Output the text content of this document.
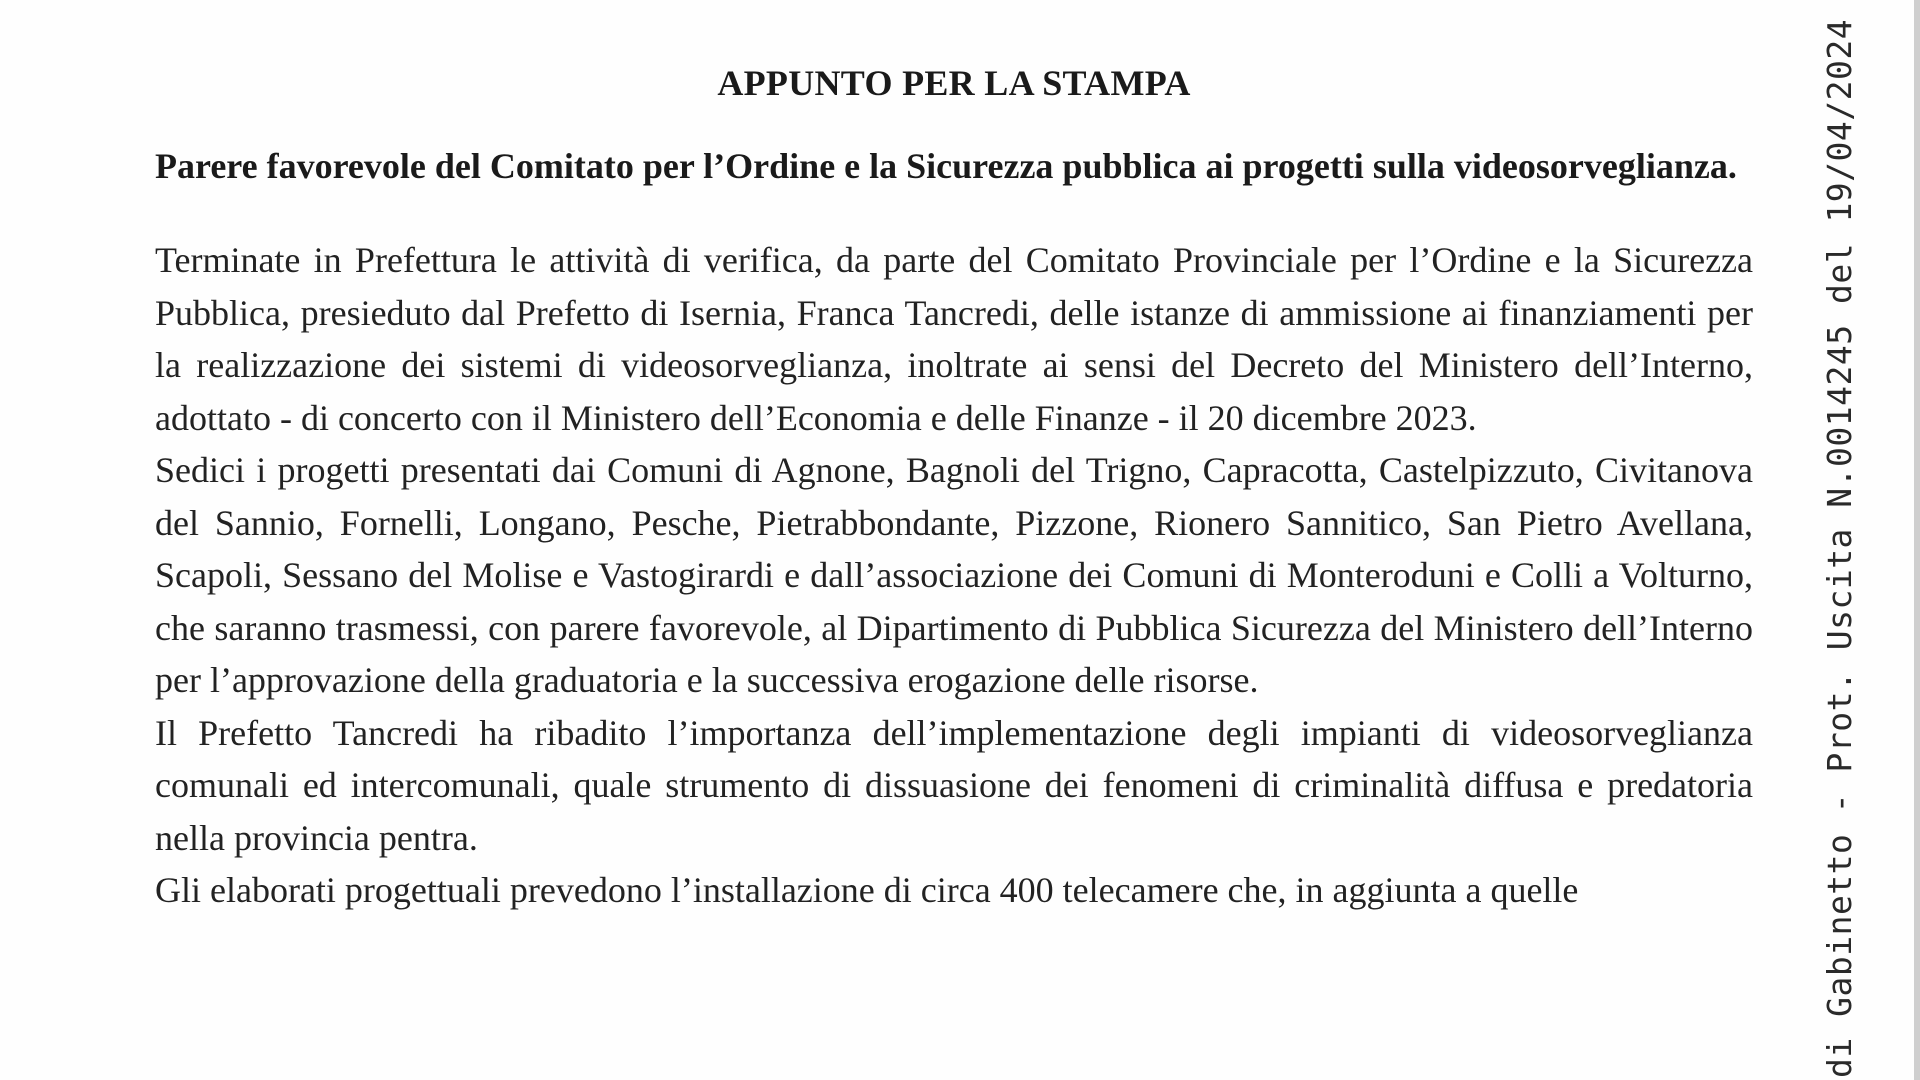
APPUNTO PER LA STAMPA
Parere favorevole del Comitato per l’Ordine e la Sicurezza pubblica ai progetti sulla videosorveglianza.

Terminate in Prefettura le attività di verifica, da parte del Comitato Provinciale per l’Ordine e la Sicurezza Pubblica, presieduto dal Prefetto di Isernia, Franca Tancredi, delle istanze di ammissione ai finanziamenti per la realizzazione dei sistemi di videosorveglianza, inoltrate ai sensi del Decreto del Ministero dell’Interno, adottato - di concerto con il Ministero dell’Economia e delle Finanze - il 20 dicembre 2023.

Sedici i progetti presentati dai Comuni di Agnone, Bagnoli del Trigno, Capracotta, Castelpizzuto, Civitanova del Sannio, Fornelli, Longano, Pesche, Pietrabbondante, Pizzone, Rionero Sannitico, San Pietro Avellana, Scapoli, Sessano del Molise e Vastogirardi e dall’associazione dei Comuni di Monteroduni e Colli a Volturno, che saranno trasmessi, con parere favorevole, al Dipartimento di Pubblica Sicurezza del Ministero dell’Interno per l’approvazione della graduatoria e la successiva erogazione delle risorse.

Il Prefetto Tancredi ha ribadito l’importanza dell’implementazione degli impianti di videosorveglianza comunali ed intercomunali, quale strumento di dissuasione dei fenomeni di criminalità diffusa e predatoria nella provincia pentra.

Gli elaborati progettuali prevedono l’installazione di circa 400 telecamere che, in aggiunta a quelle	di Gabinetto - Prot. Uscita N.0014245 del 19/04/2024
